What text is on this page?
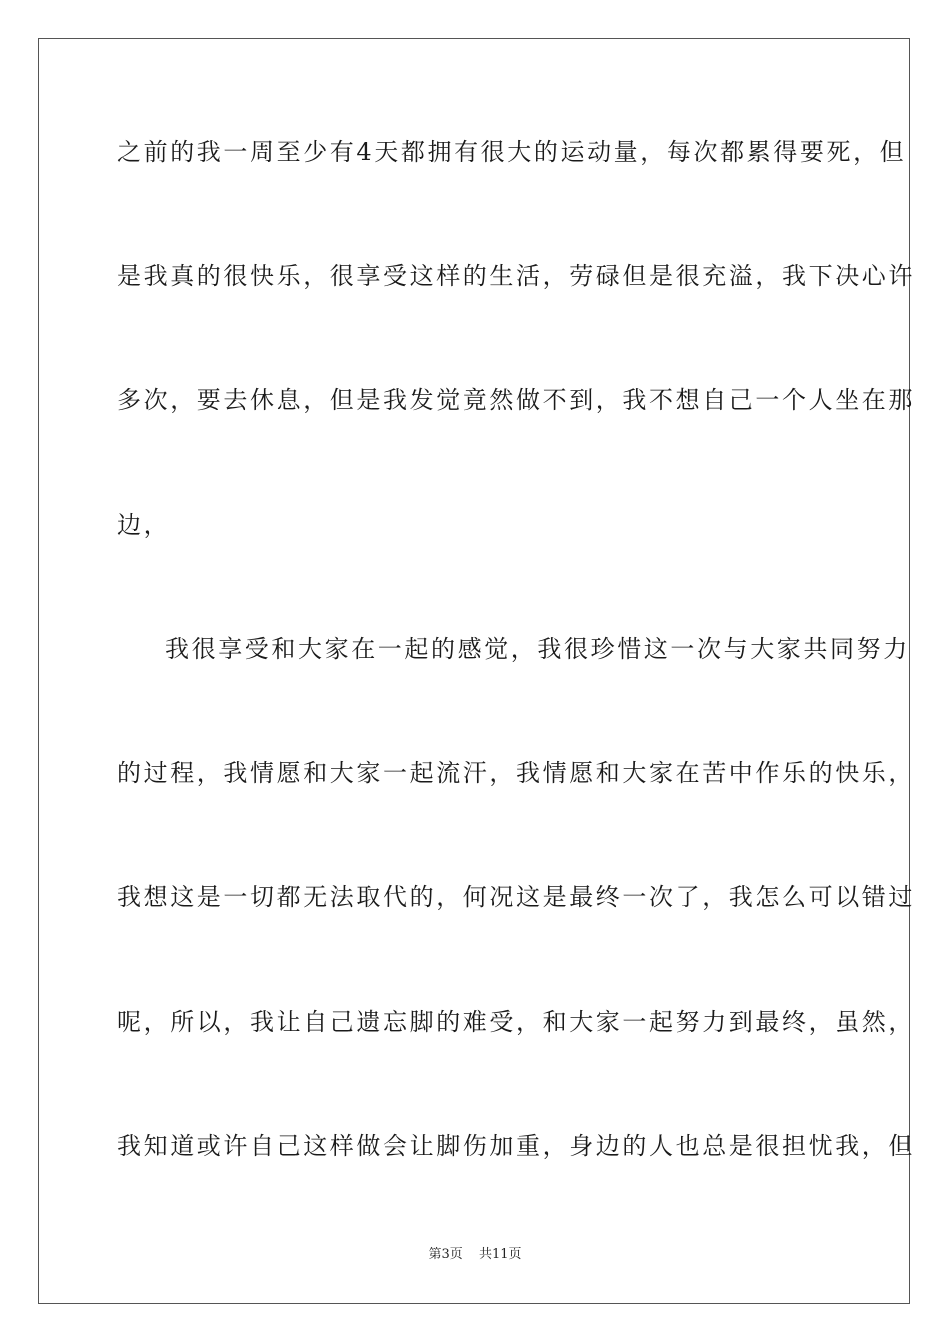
之前的我一周至少有4天都拥有很大的运动量，每次都累得要死，但
是我真的很快乐，很享受这样的生活，劳碌但是很充溢，我下决心许
多次，要去休息，但是我发觉竟然做不到，我不想自己一个人坐在那
边，
我很享受和大家在一起的感觉，我很珍惜这一次与大家共同努力
的过程，我情愿和大家一起流汗，我情愿和大家在苦中作乐的快乐，
我想这是一切都无法取代的，何况这是最终一次了，我怎么可以错过
呢，所以，我让自己遗忘脚的难受，和大家一起努力到最终，虽然，
我知道或许自己这样做会让脚伤加重，身边的人也总是很担忧我，但
第3页 共11页
